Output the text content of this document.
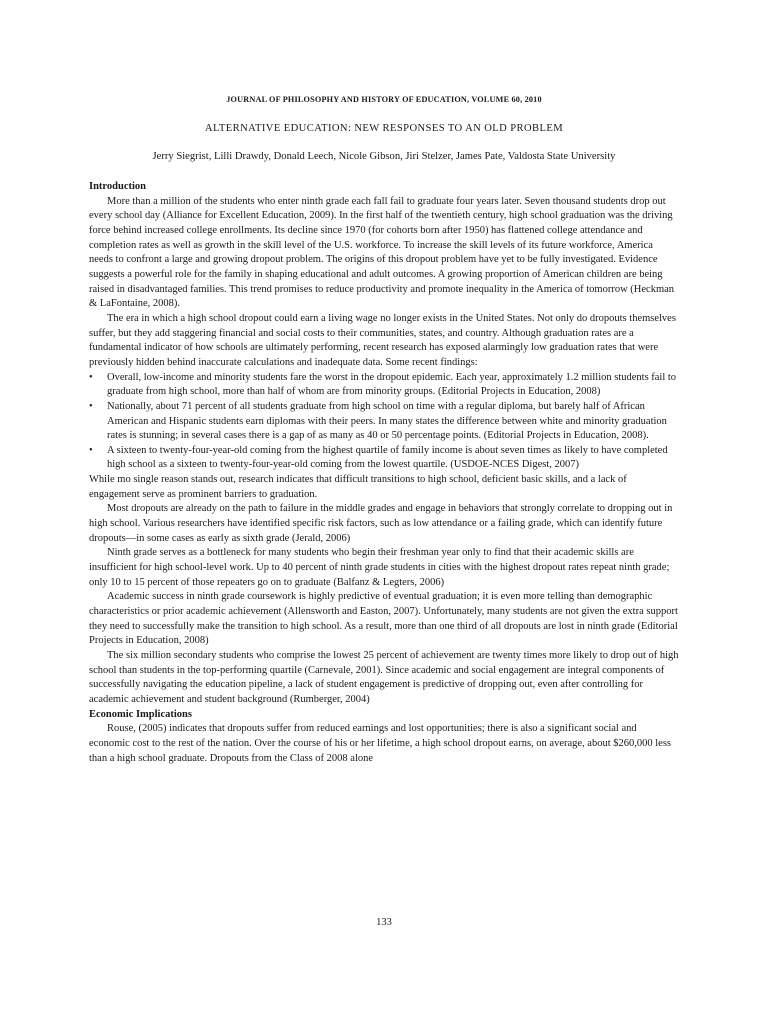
JOURNAL OF PHILOSOPHY AND HISTORY OF EDUCATION, VOLUME 60, 2010
ALTERNATIVE EDUCATION: NEW RESPONSES TO AN OLD PROBLEM
Jerry Siegrist, Lilli Drawdy, Donald Leech, Nicole Gibson, Jiri Stelzer, James Pate, Valdosta State University

Introduction

More than a million of the students who enter ninth grade each fall fail to graduate four years later. Seven thousand students drop out every school day (Alliance for Excellent Education, 2009). In the first half of the twentieth century, high school graduation was the driving force behind increased college enrollments. Its decline since 1970 (for cohorts born after 1950) has flattened college attendance and completion rates as well as growth in the skill level of the U.S. workforce. To increase the skill levels of its future workforce, America needs to confront a large and growing dropout problem. The origins of this dropout problem have yet to be fully investigated. Evidence suggests a powerful role for the family in shaping educational and adult outcomes. A growing proportion of American children are being raised in disadvantaged families. This trend promises to reduce productivity and promote inequality in the America of tomorrow (Heckman & LaFontaine, 2008).

The era in which a high school dropout could earn a living wage no longer exists in the United States. Not only do dropouts themselves suffer, but they add staggering financial and social costs to their communities, states, and country. Although graduation rates are a fundamental indicator of how schools are ultimately performing, recent research has exposed alarmingly low graduation rates that were previously hidden behind inaccurate calculations and inadequate data. Some recent findings:

• Overall, low-income and minority students fare the worst in the dropout epidemic. Each year, approximately 1.2 million students fail to graduate from high school, more than half of whom are from minority groups. (Editorial Projects in Education, 2008)
• Nationally, about 71 percent of all students graduate from high school on time with a regular diploma, but barely half of African American and Hispanic students earn diplomas with their peers. In many states the difference between white and minority graduation rates is stunning; in several cases there is a gap of as many as 40 or 50 percentage points. (Editorial Projects in Education, 2008).
• A sixteen to twenty-four-year-old coming from the highest quartile of family income is about seven times as likely to have completed high school as a sixteen to twenty-four-year-old coming from the lowest quartile. (USDOE-NCES Digest, 2007)

While mo single reason stands out, research indicates that difficult transitions to high school, deficient basic skills, and a lack of engagement serve as prominent barriers to graduation.

Most dropouts are already on the path to failure in the middle grades and engage in behaviors that strongly correlate to dropping out in high school. Various researchers have identified specific risk factors, such as low attendance or a failing grade, which can identify future dropouts—in some cases as early as sixth grade (Jerald, 2006)

Ninth grade serves as a bottleneck for many students who begin their freshman year only to find that their academic skills are insufficient for high school-level work. Up to 40 percent of ninth grade students in cities with the highest dropout rates repeat ninth grade; only 10 to 15 percent of those repeaters go on to graduate (Balfanz & Legters, 2006)

Academic success in ninth grade coursework is highly predictive of eventual graduation; it is even more telling than demographic characteristics or prior academic achievement (Allensworth and Easton, 2007). Unfortunately, many students are not given the extra support they need to successfully make the transition to high school. As a result, more than one third of all dropouts are lost in ninth grade (Editorial Projects in Education, 2008)

The six million secondary students who comprise the lowest 25 percent of achievement are twenty times more likely to drop out of high school than students in the top-performing quartile (Carnevale, 2001). Since academic and social engagement are integral components of successfully navigating the education pipeline, a lack of student engagement is predictive of dropping out, even after controlling for academic achievement and student background (Rumberger, 2004)

Economic Implications

Rouse, (2005) indicates that dropouts suffer from reduced earnings and lost opportunities; there is also a significant social and economic cost to the rest of the nation. Over the course of his or her lifetime, a high school dropout earns, on average, about $260,000 less than a high school graduate. Dropouts from the Class of 2008 alone

133
